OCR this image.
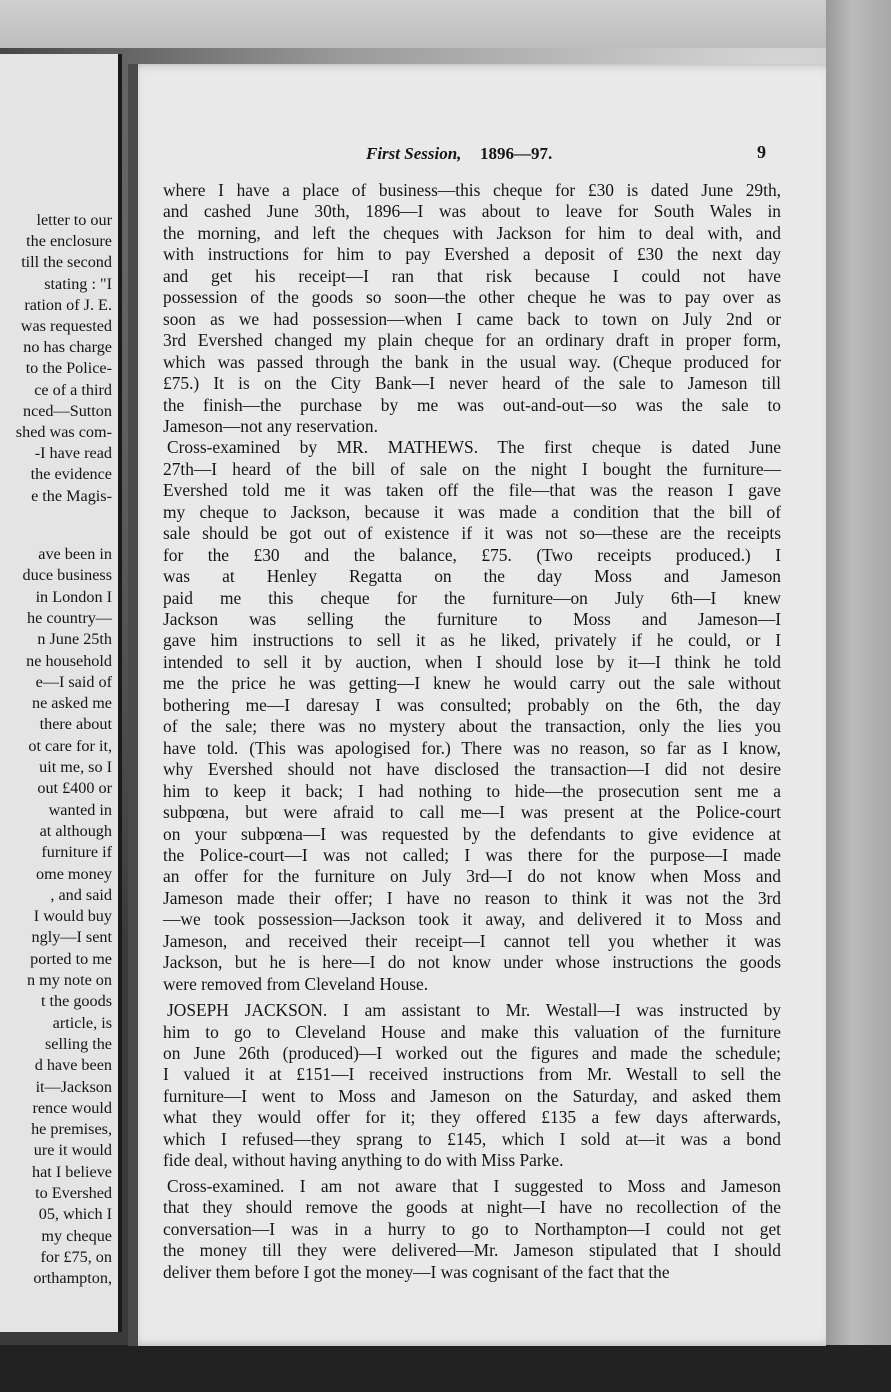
letter to our
the enclosure
till the second
stating : "I
ration of J. E.
was requested
no has charge
to the Police-
ce of a third
nced—Sutton
shed was com-
-I have read
the evidence
e the Magis-
ave been in
duce business
in London I
he country—
n June 25th
ne household
e—I said of
ne asked me
there about
ot care for it,
uit me, so I
out £400 or
wanted in
at although
furniture if
ome money
, and said
I would buy
ngly—I sent
ported to me
n my note on
t the goods
article, is
selling the
d have been
it—Jackson
rence would
he premises,
ure it would
hat I believe
to Evershed
05, which I
my cheque
for £75, on
orthampton,
First Session, 1896—97.	9
where I have a place of business—this cheque for £30 is dated June 29th,
and cashed June 30th, 1896—I was about to leave for South Wales in
the morning, and left the cheques with Jackson for him to deal with, and
with instructions for him to pay Evershed a deposit of £30 the next day
and get his receipt—I ran that risk because I could not have
possession of the goods so soon—the other cheque he was to pay over as
soon as we had possession—when I came back to town on July 2nd or
3rd Evershed changed my plain cheque for an ordinary draft in proper form,
which was passed through the bank in the usual way. (Cheque produced for
£75.) It is on the City Bank—I never heard of the sale to Jameson till
the finish—the purchase by me was out-and-out—so was the sale to
Jameson—not any reservation.
Cross-examined by MR. MATHEWS. The first cheque is dated June
27th—I heard of the bill of sale on the night I bought the furniture—
Evershed told me it was taken off the file—that was the reason I gave
my cheque to Jackson, because it was made a condition that the bill of
sale should be got out of existence if it was not so—these are the receipts
for the £30 and the balance, £75. (Two receipts produced.) I
was at Henley Regatta on the day Moss and Jameson
paid me this cheque for the furniture—on July 6th—I knew
Jackson was selling the furniture to Moss and Jameson—I
gave him instructions to sell it as he liked, privately if he could, or I
intended to sell it by auction, when I should lose by it—I think he told
me the price he was getting—I knew he would carry out the sale without
bothering me—I daresay I was consulted; probably on the 6th, the day
of the sale; there was no mystery about the transaction, only the lies you
have told. (This was apologised for.) There was no reason, so far as I know,
why Evershed should not have disclosed the transaction—I did not desire
him to keep it back; I had nothing to hide—the prosecution sent me a
subpœna, but were afraid to call me—I was present at the Police-court
on your subpœna—I was requested by the defendants to give evidence at
the Police-court—I was not called; I was there for the purpose—I made
an offer for the furniture on July 3rd—I do not know when Moss and
Jameson made their offer; I have no reason to think it was not the 3rd
—we took possession—Jackson took it away, and delivered it to Moss and
Jameson, and received their receipt—I cannot tell you whether it was
Jackson, but he is here—I do not know under whose instructions the goods
were removed from Cleveland House.
JOSEPH JACKSON. I am assistant to Mr. Westall—I was instructed by
him to go to Cleveland House and make this valuation of the furniture
on June 26th (produced)—I worked out the figures and made the schedule;
I valued it at £151—I received instructions from Mr. Westall to sell the
furniture—I went to Moss and Jameson on the Saturday, and asked them
what they would offer for it; they offered £135 a few days afterwards,
which I refused—they sprang to £145, which I sold at—it was a bond
fide deal, without having anything to do with Miss Parke.
Cross-examined. I am not aware that I suggested to Moss and Jameson
that they should remove the goods at night—I have no recollection of the
conversation—I was in a hurry to go to Northampton—I could not get
the money till they were delivered—Mr. Jameson stipulated that I should
deliver them before I got the money—I was cognisant of the fact that the
